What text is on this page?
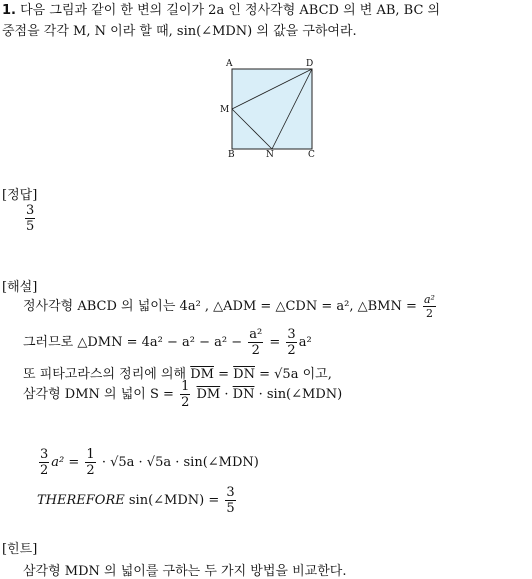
1. 다음 그림과 같이 한 변의 길이가 2a 인 정사각형 ABCD 의 변 AB, BC 의
중점을 각각 M, N 이라 할 때, sin(∠MDN) 의 값을 구하여라.
A	D
M
B	N	C
[정답]
$\frac{3}{5}$
[해설]
정사각형 ABCD 의 넓이는 4a² , △ADM = △CDN = a², △BMN = $\frac{\text{a²}}{2}$
그러므로 △DMN = $4a^2 - a^2 - a^2 - \frac{\text{a²}}{2} = \frac{3}{2} a^2$
또 피타고라스의 정리에 의해 $\overline{DM} = \overline{DN} = √5a$ 이고,
삼각형 DMN 의 넓이 $S = \frac{1}{2} \overline{DM} \cdot \overline{DN}$ · sin(∠MDN)
$\frac{3}{2} a^2 = \frac{1}{2} \cdot √5a \cdot √5a$ · sin(∠MDN)
THEREFORE sin(∠MDN) = $\frac{3}{5}$
[힌트]
삼각형 MDN 의 넓이를 구하는 두 가지 방법을 비교한다.
